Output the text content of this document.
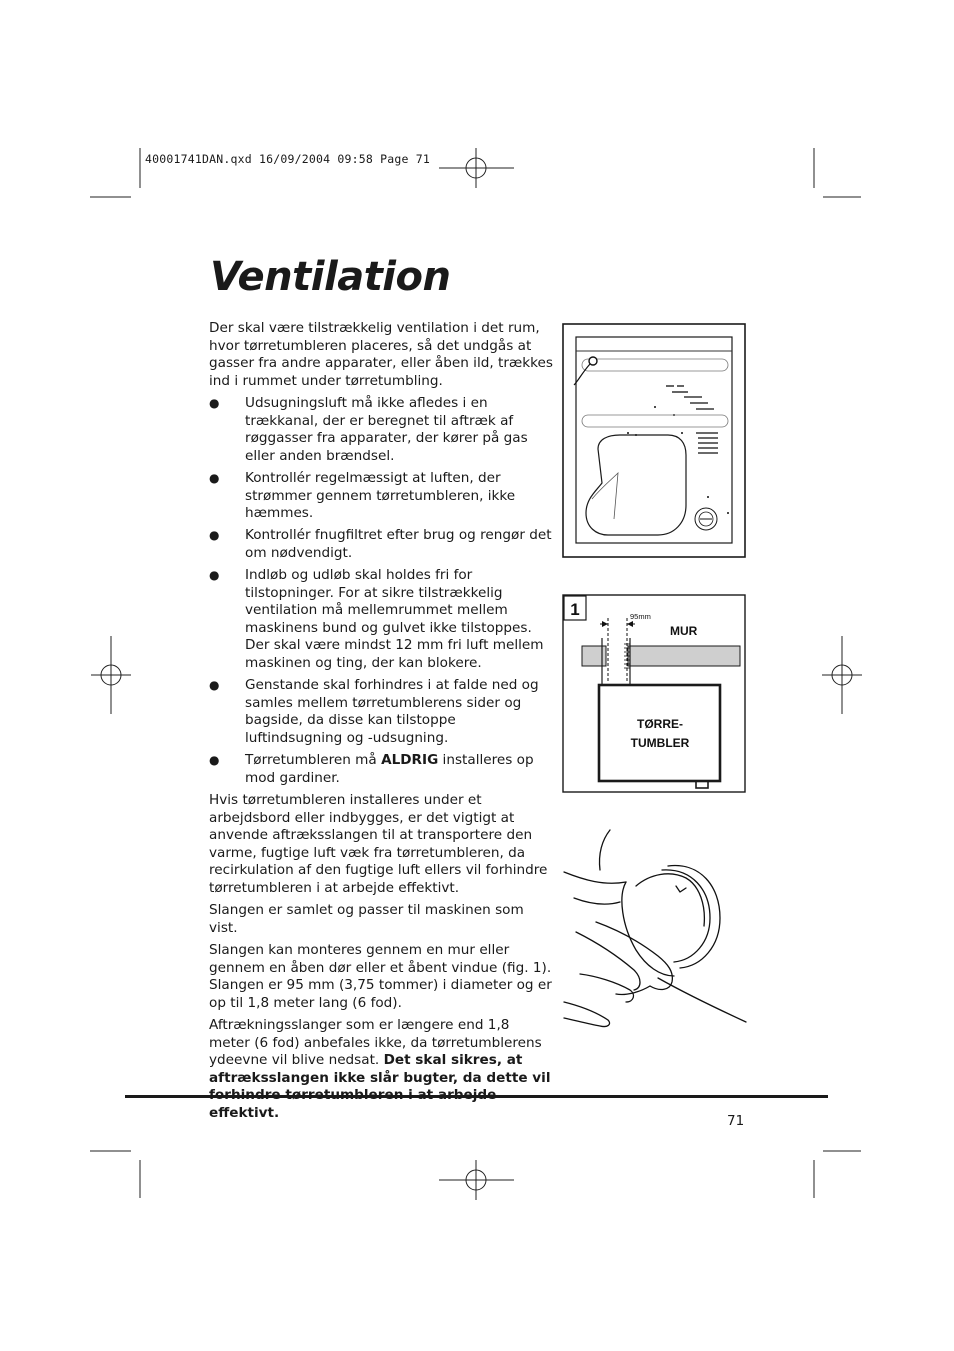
40001741DAN.qxd 16/09/2004 09:58 Page 71
Ventilation

Der skal være tilstrækkelig ventilation i det rum, hvor tørretumbleren placeres, så det undgås at gasser fra andre apparater, eller åben ild, trækkes ind i rummet under tørretumbling.

● Udsugningsluft må ikke afledes i en trækkanal, der er beregnet til aftræk af røggasser fra apparater, der kører på gas eller anden brændsel.
● Kontrollér regelmæssigt at luften, der strømmer gennem tørretumbleren, ikke hæmmes.
● Kontrollér fnugfiltret efter brug og rengør det om nødvendigt.
● Indløb og udløb skal holdes fri for tilstopninger. For at sikre tilstrækkelig ventilation må mellemrummet mellem maskinens bund og gulvet ikke tilstoppes. Der skal være mindst 12 mm fri luft mellem maskinen og ting, der kan blokere.
● Genstande skal forhindres i at falde ned og samles mellem tørretumblerens sider og bagside, da disse kan tilstoppe luftindsugning og -udsugning.
● Tørretumbleren må ALDRIG installeres op mod gardiner.

Hvis tørretumbleren installeres under et arbejdsbord eller indbygges, er det vigtigt at anvende aftræksslangen til at transportere den varme, fugtige luft væk fra tørretumbleren, da recirkulation af den fugtige luft ellers vil forhindre tørretumbleren i at arbejde effektivt.

Slangen er samlet og passer til maskinen som vist.

Slangen kan monteres gennem en mur eller gennem en åben dør eller et åbent vindue (fig. 1). Slangen er 95 mm (3,75 tommer) i diameter og er op til 1,8 meter lang (6 fod).

Aftrækningsslanger som er længere end 1,8 meter (6 fod) anbefales ikke, da tørretumblerens ydeevne vil blive nedsat. Det skal sikres, at aftræksslangen ikke slår bugter, da dette vil effektivt.

1	95mm
MUR
TØRRE-
TUMBLER
71
